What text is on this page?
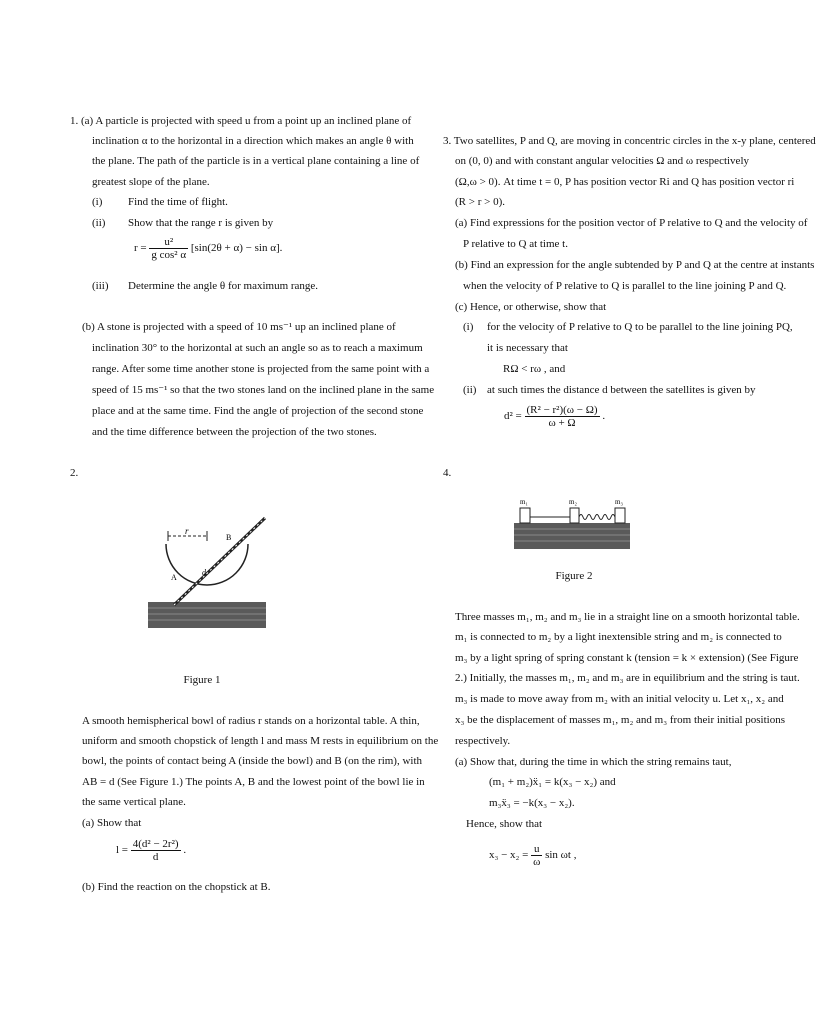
1. (a) A particle is projected with speed u from a point up an inclined plane of
inclination α to the horizontal in a direction which makes an angle θ with
the plane. The path of the particle is in a vertical plane containing a line of
greatest slope of the plane.
(i) Find the time of flight.
(ii) Show that the range r is given by
$r = \frac{\text{u²}}{\text{g cos² α}} [\sin(2\theta + \alpha) - \sin \alpha]$.
(iii) Determine the angle θ for maximum range.
(b) A stone is projected with a speed of 10 ms⁻¹ up an inclined plane of
inclination 30° to the horizontal at such an angle so as to reach a maximum
range. After some time another stone is projected from the same point with a
speed of 15 ms⁻¹ so that the two stones land on the inclined plane in the same
place and at the same time. Find the angle of projection of the second stone
and the time difference between the projection of the two stones.
2.
r
B
A
d
Figure 1
A smooth hemispherical bowl of radius r stands on a horizontal table. A thin,
uniform and smooth chopstick of length l and mass M rests in equilibrium on the
bowl, the points of contact being A (inside the bowl) and B (on the rim), with
AB = d (See Figure 1.) The points A, B and the lowest point of the bowl lie in
the same vertical plane.
(a) Show that
$l = \frac{\text{4(d² − 2r²)}}{d}$ .
(b) Find the reaction on the chopstick at B.
3. Two satellites, P and Q, are moving in concentric circles in the x-y plane, centered
on (0, 0) and with constant angular velocities Ω and ω respectively
(Ω,ω > 0). At time t = 0, P has position vector Ri and Q has position vector ri
(R > r > 0).
(a) Find expressions for the position vector of P relative to Q and the velocity of
P relative to Q at time t.
(b) Find an expression for the angle subtended by P and Q at the centre at instants
when the velocity of P relative to Q is parallel to the line joining P and Q.
(c) Hence, or otherwise, show that
(i) for the velocity of P relative to Q to be parallel to the line joining PQ,
it is necessary that
RΩ < rω , and
(ii) at such times the distance d between the satellites is given by
$d^2 = \frac{\text{(R² − r²)(ω − Ω)}}{\omega + \Omega}$ .
4.
m₁	m₂	m₃
Figure 2
Three masses m₁, m₂ and m₃ lie in a straight line on a smooth horizontal table.
m₁ is connected to m₂ by a light inextensible string and m₂ is connected to
m₃ by a light spring of spring constant k (tension = k × extension) (See Figure
2.) Initially, the masses m₁, m₂ and m₃ are in equilibrium and the string is taut.
m₃ is made to move away from m₂ with an initial velocity u. Let x₁, x₂ and
x₃ be the displacement of masses m₁, m₂ and m₃ from their initial positions
respectively.
(a) Show that, during the time in which the string remains taut,
(m₁ + m₂)ẍ₁ = k(x₃ − x₂) and
m₃ẍ₃ = −k(x₃ − x₂).
Hence, show that
$x_3 - x_2 = \frac{u}{\omega}$ sin ωt ,
